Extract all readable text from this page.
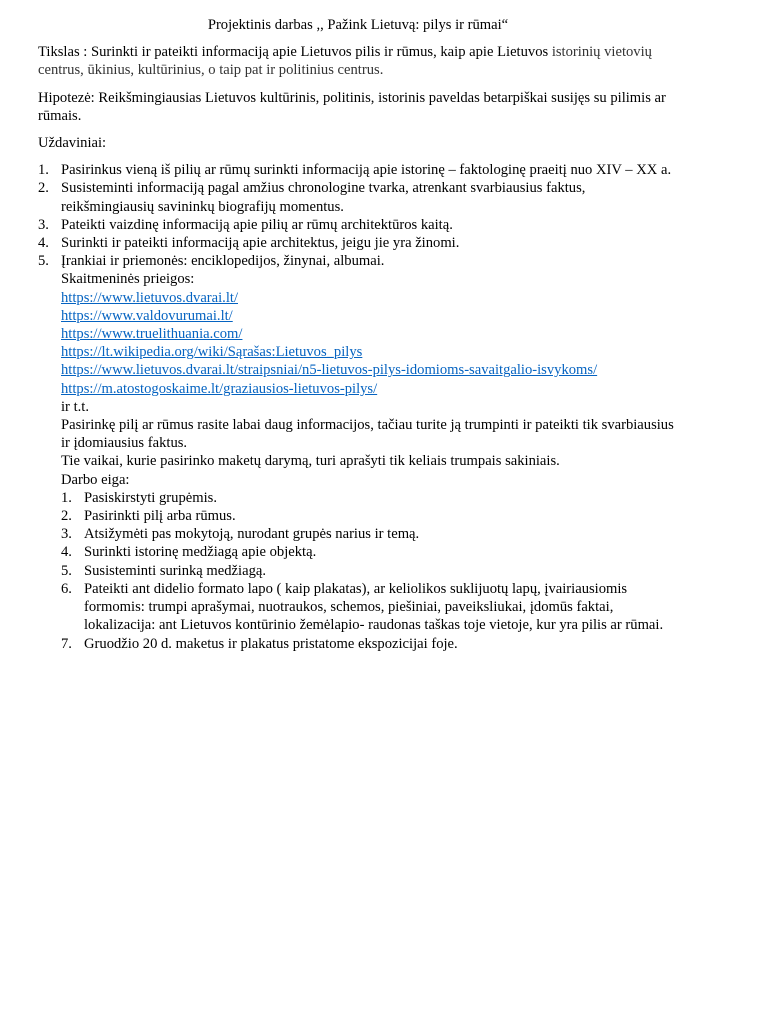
Projektinis darbas ,, Pažink Lietuvą: pilys ir rūmai“

Tikslas : Surinkti ir pateikti informaciją apie Lietuvos pilis ir rūmus, kaip apie Lietuvos istorinių vietovių centrus, ūkinius, kultūrinius, o taip pat ir politinius centrus.

Hipotezė: Reikšmingiausias Lietuvos kultūrinis, politinis, istorinis paveldas betarpiškai susijęs su pilimis ar rūmais.

Uždaviniai:

1. Pasirinkus vieną iš pilių ar rūmų surinkti informaciją apie istorinę – faktologinę praeitį nuo XIV – XX a.
2. Susisteminti informaciją pagal amžius chronologine tvarka, atrenkant svarbiausius faktus, reikšmingiausių savininkų biografijų momentus.
3. Pateikti vaizdinę informaciją apie pilių ar rūmų architektūros kaitą.
4. Surinkti ir pateikti informaciją apie architektus, jeigu jie yra žinomi.
5. Įrankiai ir priemonės: enciklopedijos, žinynai, albumai.
Skaitmeninės prieigos:
https://www.lietuvos.dvarai.lt/
https://www.valdovurumai.lt/
https://www.truelithuania.com/
https://lt.wikipedia.org/wiki/Sąrašas:Lietuvos_pilys
https://www.lietuvos.dvarai.lt/straipsniai/n5-lietuvos-pilys-idomioms-savaitgalio-isvykoms/
https://m.atostogoskaime.lt/graziausios-lietuvos-pilys/
ir t.t.
Pasirinkę pilį ar rūmus rasite labai daug informacijos, tačiau turite ją trumpinti ir pateikti tik svarbiausius ir įdomiausius faktus.
Tie vaikai, kurie pasirinko maketų darymą, turi aprašyti tik keliais trumpais sakiniais.
Darbo eiga:
1. Pasiskirstyti grupėmis.
2. Pasirinkti pilį arba rūmus.
3. Atsižymėti pas mokytoją, nurodant grupės narius ir temą.
4. Surinkti istorinę medžiagą apie objektą.
5. Susisteminti surinką medžiagą.
6. Pateikti ant didelio formato lapo ( kaip plakatas), ar keliolikos suklijuotų lapų, įvairiausiomis formomis: trumpi aprašymai, nuotraukos, schemos, piešiniai, paveiksliukai, įdomūs faktai, lokalizacija: ant Lietuvos kontūrinio žemėlapio- raudonas taškas toje vietoje, kur yra pilis ar rūmai.
7. Gruodžio 20 d. maketus ir plakatus pristatome ekspozicijai foje.
